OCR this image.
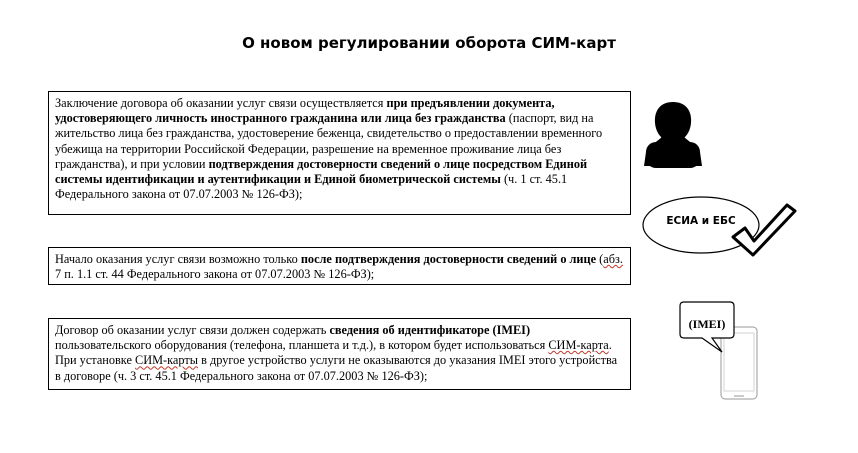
О новом регулировании оборота СИМ-карт
Заключение договора об оказании услуг связи осуществляется при предъявлении документа, удостоверяющего личность иностранного гражданина или лица без гражданства (паспорт, вид на жительство лица без гражданства, удостоверение беженца, свидетельство о предоставлении временного убежища на территории Российской Федерации, разрешение на временное проживание лица без гражданства), и при условии подтверждения достоверности сведений о лице посредством Единой системы идентификации и аутентификации и Единой биометрической системы (ч. 1 ст. 45.1 Федерального закона от 07.07.2003 № 126-ФЗ);
Начало оказания услуг связи возможно только после подтверждения достоверности сведений о лице (абз. 7 п. 1.1 ст. 44 Федерального закона от 07.07.2003 № 126-ФЗ);
Договор об оказании услуг связи должен содержать сведения об идентификаторе (IMEI) пользовательского оборудования (телефона, планшета и т.д.), в котором будет использоваться СИМ-карта. При установке СИМ-карты в другое устройство услуги не оказываются до указания IMEI этого устройства в договоре (ч. 3 ст. 45.1 Федерального закона от 07.07.2003 № 126-ФЗ);
ЕСИА и ЕБС
(IMEI)
